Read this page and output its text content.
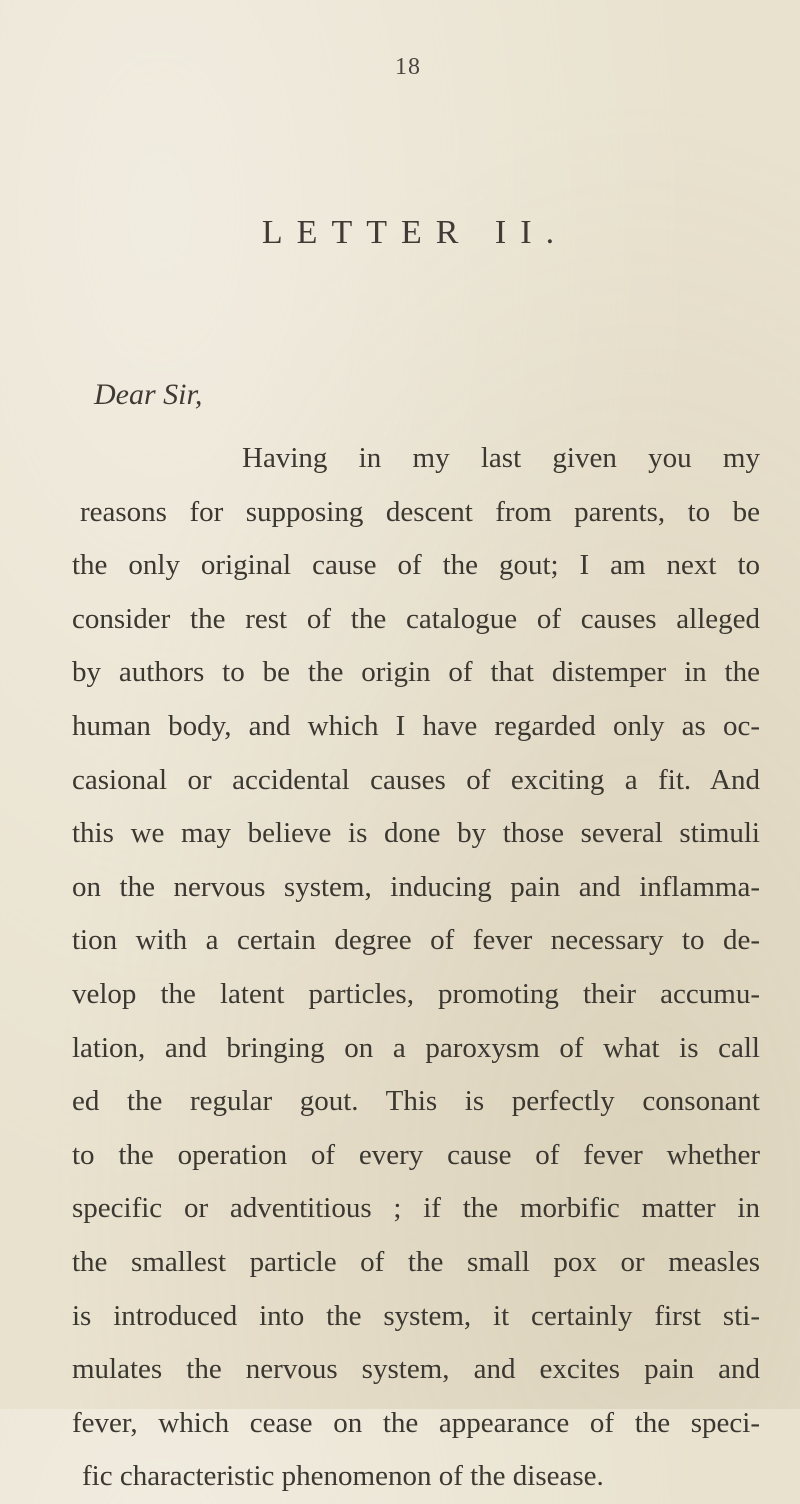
18
LETTER II.
Dear Sir,
Having in my last given you my
reasons for supposing descent from parents, to be
the only original cause of the gout; I am next to
consider the rest of the catalogue of causes alleged
by authors to be the origin of that distemper in the
human body, and which I have regarded only as oc-
casional or accidental causes of exciting a fit. And
this we may believe is done by those several stimuli
on the nervous system, inducing pain and inflamma-
tion with a certain degree of fever necessary to de-
velop the latent particles, promoting their accumu-
lation, and bringing on a paroxysm of what is call
ed the regular gout. This is perfectly consonant
to the operation of every cause of fever whether
specific or adventitious ; if the morbific matter in
the smallest particle of the small pox or measles
is introduced into the system, it certainly first sti-
mulates the nervous system, and excites pain and
fever, which cease on the appearance of the speci-
fic characteristic phenomenon of the disease.
